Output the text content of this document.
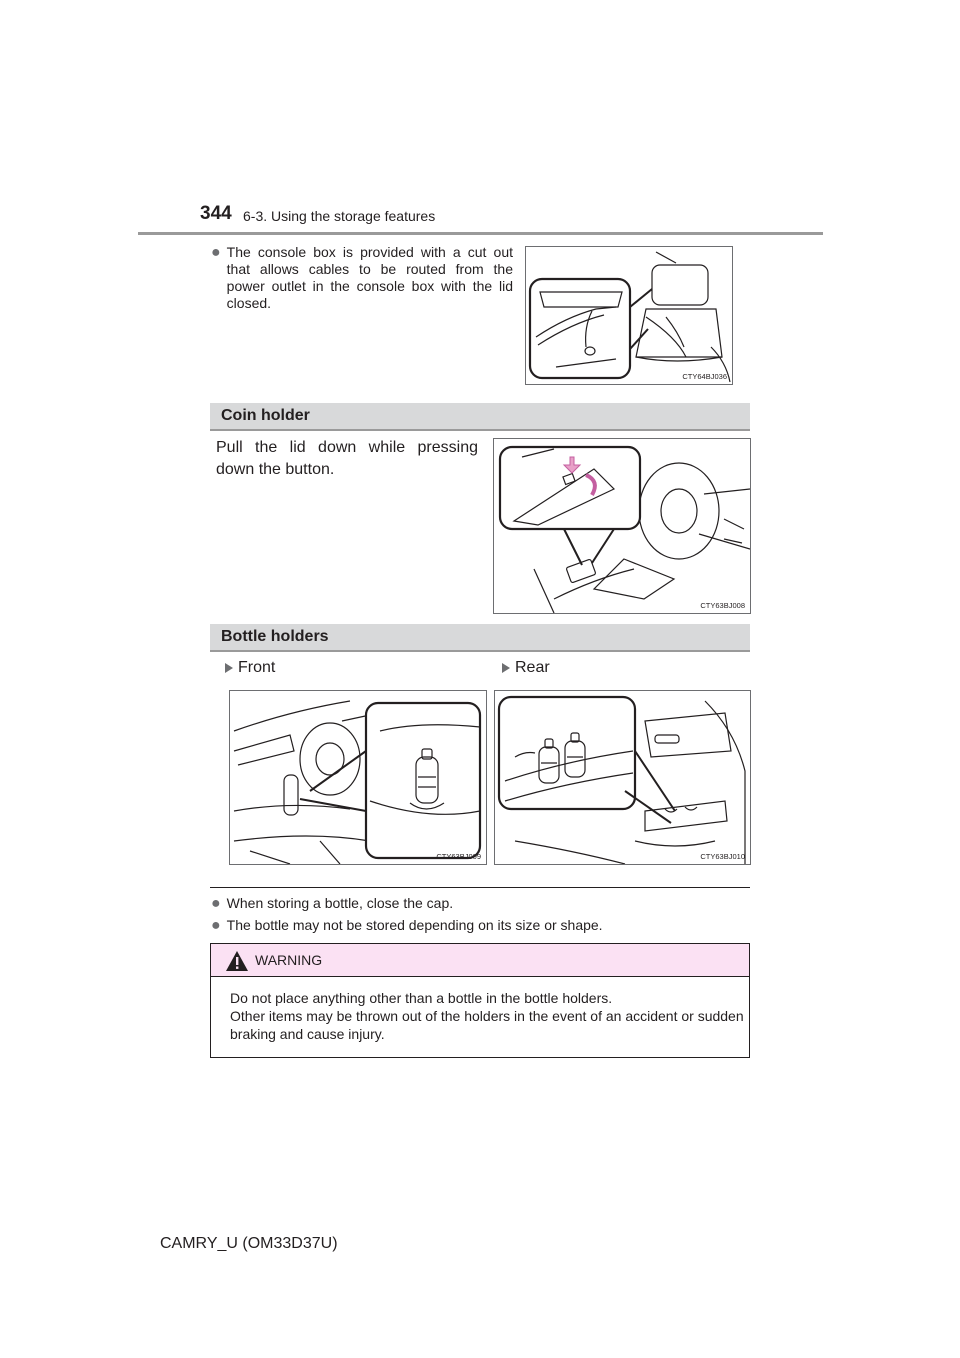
344 6-3. Using the storage features
● The console box is provided with a cut out that allows cables to be routed from the power outlet in the console box with the lid closed.
CTY64BJ036
Coin holder
Pull the lid down while pressing down the button.
CTY63BJ008
Bottle holders
Front	Rear
CTY63BJ009	CTY63BJ010
● When storing a bottle, close the cap.
● The bottle may not be stored depending on its size or shape.
WARNING
Do not place anything other than a bottle in the bottle holders.
Other items may be thrown out of the holders in the event of an accident or sudden braking and cause injury.
CAMRY_U (OM33D37U)
